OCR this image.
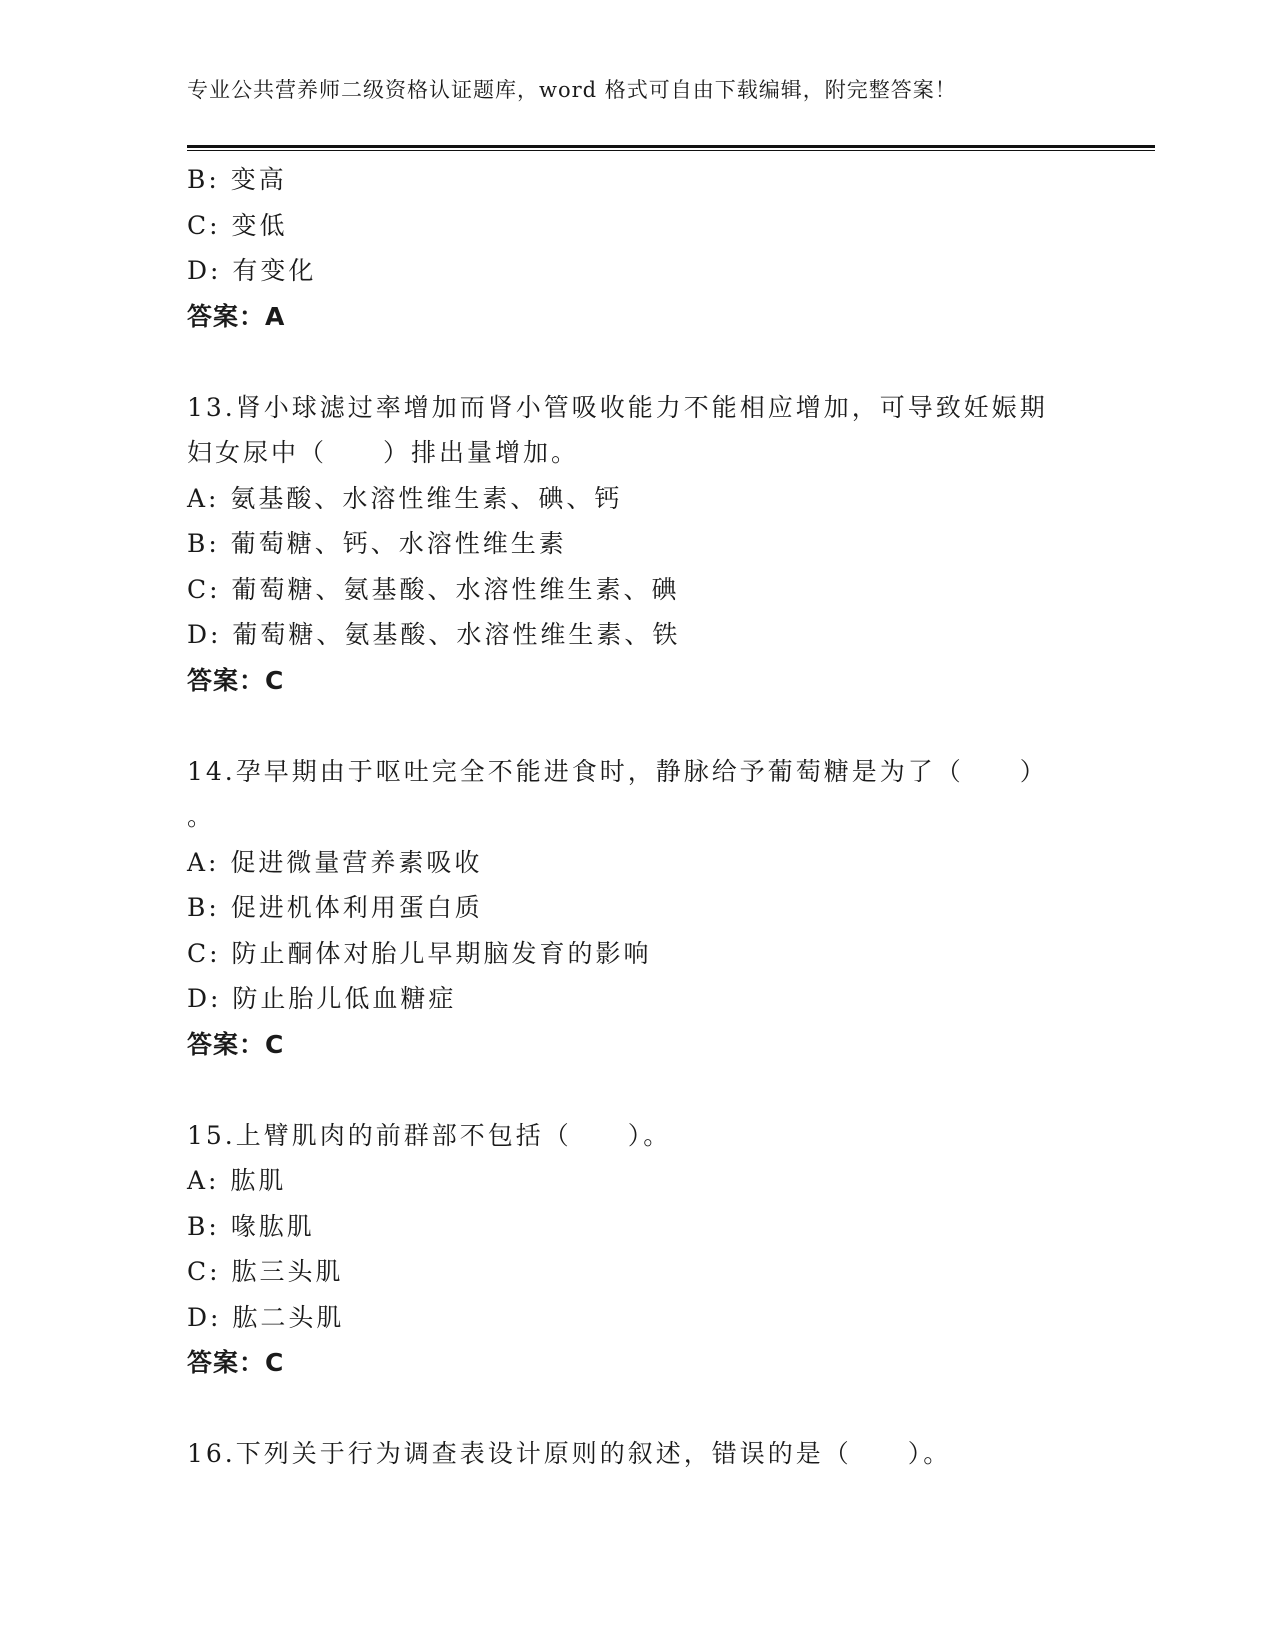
专业公共营养师二级资格认证题库，word 格式可自由下载编辑，附完整答案！
B: 变高
C: 变低
D: 有变化
答案：A
13.肾小球滤过率增加而肾小管吸收能力不能相应增加，可导致妊娠期
妇女尿中（　　）排出量增加。
A: 氨基酸、水溶性维生素、碘、钙
B: 葡萄糖、钙、水溶性维生素
C: 葡萄糖、氨基酸、水溶性维生素、碘
D: 葡萄糖、氨基酸、水溶性维生素、铁
答案：C
14.孕早期由于呕吐完全不能进食时，静脉给予葡萄糖是为了（　　）
。
A: 促进微量营养素吸收
B: 促进机体利用蛋白质
C: 防止酮体对胎儿早期脑发育的影响
D: 防止胎儿低血糖症
答案：C
15.上臂肌肉的前群部不包括（　　）。
A: 肱肌
B: 喙肱肌
C: 肱三头肌
D: 肱二头肌
答案：C
16.下列关于行为调查表设计原则的叙述，错误的是（　　）。
